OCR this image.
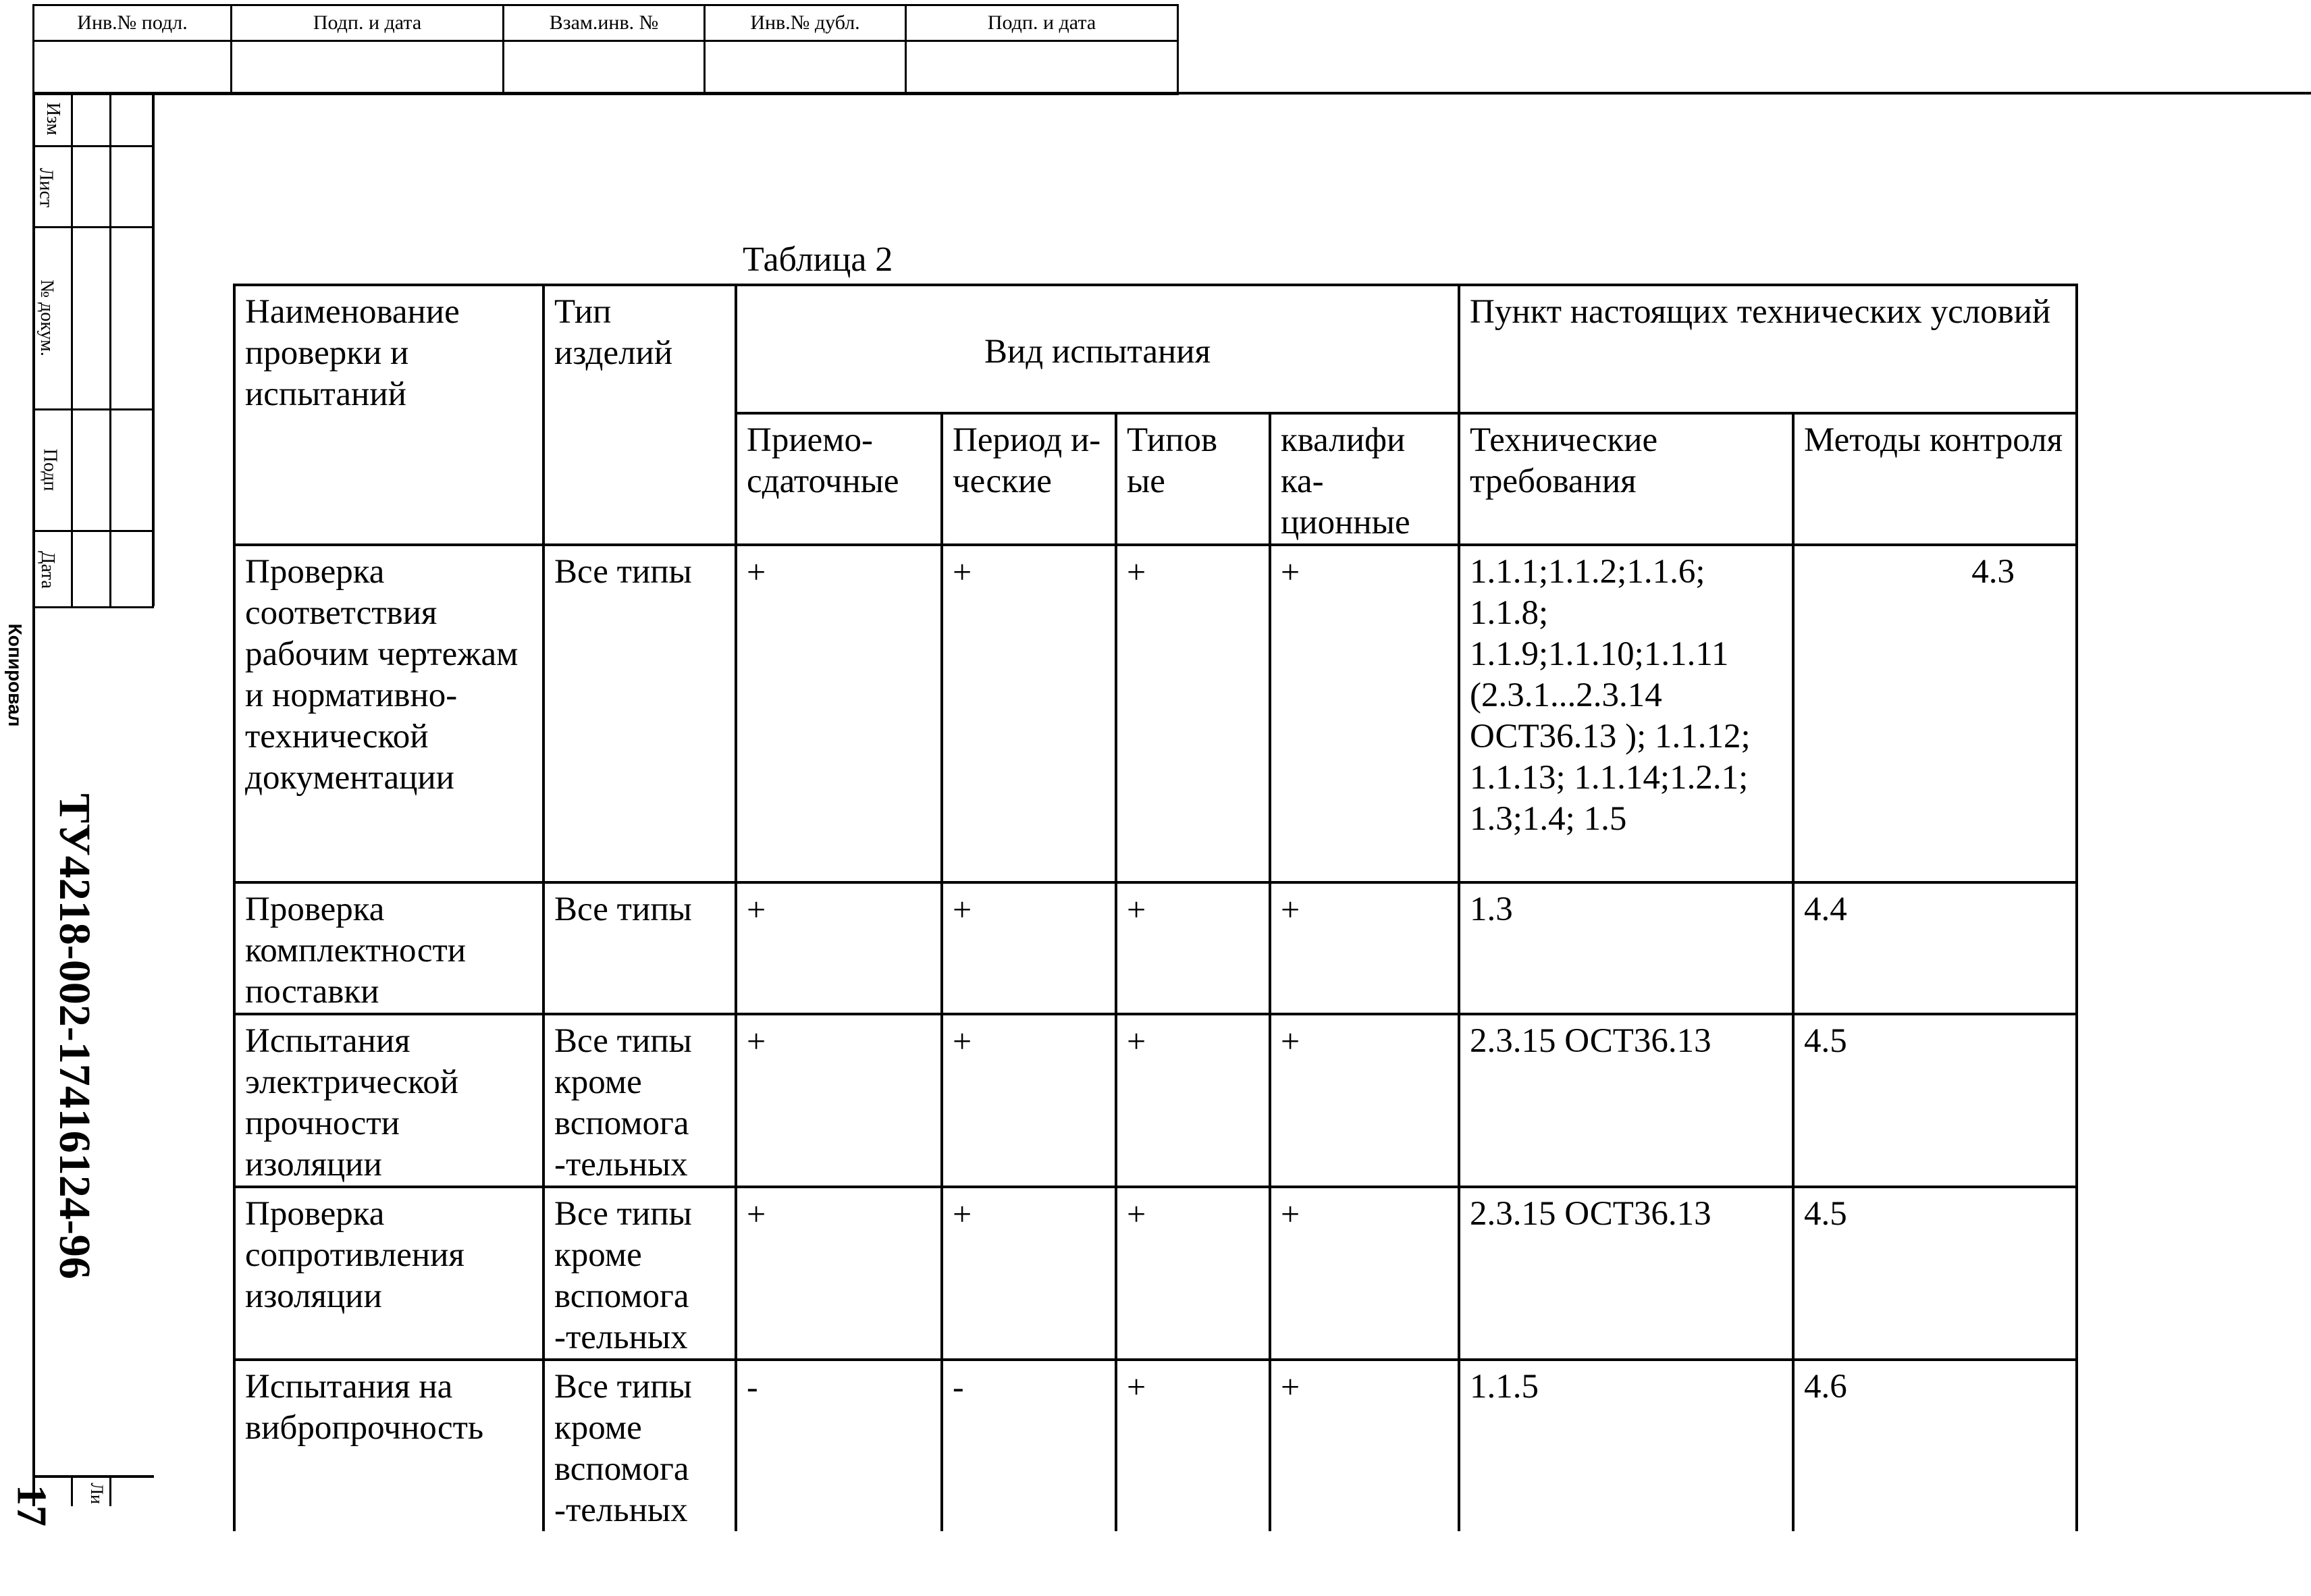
Инв.№ подл.	Подп. и дата	Взам.инв. №	Инв.№ дубл.	Подп. и дата

Изм
Лист
№ докум.
Подп
Дата
Копировал
ТУ4218-002-17416124-96
17 Ли
Таблица 2
Наименование проверки и испытаний	Тип изделий	Вид испытания				Пункт настоящих технических условий	
		Приемо-сдаточные	Период и-ческие	Типов ые	квалифи ка-ционные	Технические требования	Методы контроля
Проверка соответствия рабочим чертежам и нормативно-технической документации	Все типы	+	+	+	+	1.1.1;1.1.2;1.1.6; 1.1.8; 1.1.9;1.1.10;1.1.11 (2.3.1...2.3.14 ОСТ36.13 ); 1.1.12; 1.1.13; 1.1.14;1.2.1; 1.3;1.4; 1.5	4.3
Проверка комплектности поставки	Все типы	+	+	+	+	1.3	4.4
Испытания электрической прочности изоляции	Все типы кроме вспомога -тельных	+	+	+	+	2.3.15 ОСТ36.13	4.5
Проверка сопротивления изоляции	Все типы кроме вспомога -тельных	+	+	+	+	2.3.15 ОСТ36.13	4.5
Испытания на вибропрочность	Все типы кроме вспомога -тельных	-	-	+	+	1.1.5	4.6
